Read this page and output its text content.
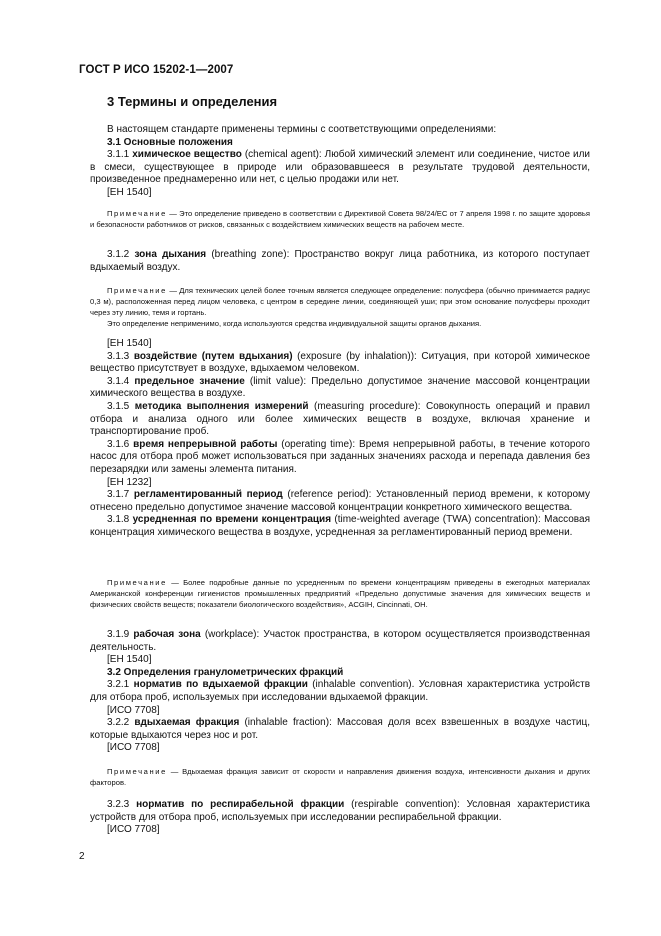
ГОСТ Р ИСО 15202-1—2007
3 Термины и определения

В настоящем стандарте применены термины с соответствующими определениями:

3.1 Основные положения

3.1.1 химическое вещество (chemical agent): Любой химический элемент или соединение, чистое или в смеси, существующее в природе или образовавшееся в результате трудовой деятельности, произведенное преднамеренно или нет, с целью продажи или нет.

[ЕН 1540]

Примечание — Это определение приведено в соответствии с Директивой Совета 98/24/ЕС от 7 апреля 1998 г. по защите здоровья и безопасности работников от рисков, связанных с воздействием химических веществ на рабочем месте.

3.1.2 зона дыхания (breathing zone): Пространство вокруг лица работника, из которого поступает вдыхаемый воздух.

Примечание — Для технических целей более точным является следующее определение: полусфера (обычно принимается радиус 0,3 м), расположенная перед лицом человека, с центром в середине линии, соединяющей уши; при этом основание полусферы проходит через эту линию, темя и гортань.

Это определение неприменимо, когда используются средства индивидуальной защиты органов дыхания.

[ЕН 1540]

3.1.3 воздействие (путем вдыхания) (exposure (by inhalation)): Ситуация, при которой химическое вещество присутствует в воздухе, вдыхаемом человеком.

3.1.4 предельное значение (limit value): Предельно допустимое значение массовой концентрации химического вещества в воздухе.

3.1.5 методика выполнения измерений (measuring procedure): Совокупность операций и правил отбора и анализа одного или более химических веществ в воздухе, включая хранение и транспортирование проб.

3.1.6 время непрерывной работы (operating time): Время непрерывной работы, в течение которого насос для отбора проб может использоваться при заданных значениях расхода и перепада давления без перезарядки или замены элемента питания.

[ЕН 1232]

3.1.7 регламентированный период (reference period): Установленный период времени, к которому отнесено предельно допустимое значение массовой концентрации конкретного химического вещества.

3.1.8 усредненная по времени концентрация (time-weighted average (TWA) concentration): Массовая концентрация химического вещества в воздухе, усредненная за регламентированный период времени.

Примечание — Более подробные данные по усредненным по времени концентрациям приведены в ежегодных материалах Американской конференции гигиенистов промышленных предприятий «Предельно допустимые значения для химических веществ и физических свойств веществ; показатели биологического воздействия», ACGIH, Cincinnati, OH.

3.1.9 рабочая зона (workplace): Участок пространства, в котором осуществляется производственная деятельность.

[ЕН 1540]

3.2 Определения гранулометрических фракций

3.2.1 норматив по вдыхаемой фракции (inhalable convention). Условная характеристика устройств для отбора проб, используемых при исследовании вдыхаемой фракции.

[ИСО 7708]

3.2.2 вдыхаемая фракция (inhalable fraction): Массовая доля всех взвешенных в воздухе частиц, которые вдыхаются через нос и рот.

[ИСО 7708]

Примечание — Вдыхаемая фракция зависит от скорости и направления движения воздуха, интенсивности дыхания и других факторов.

3.2.3 норматив по респирабельной фракции (respirable convention): Условная характеристика устройств для отбора проб, используемых при исследовании респирабельной фракции.

[ИСО 7708]

2
